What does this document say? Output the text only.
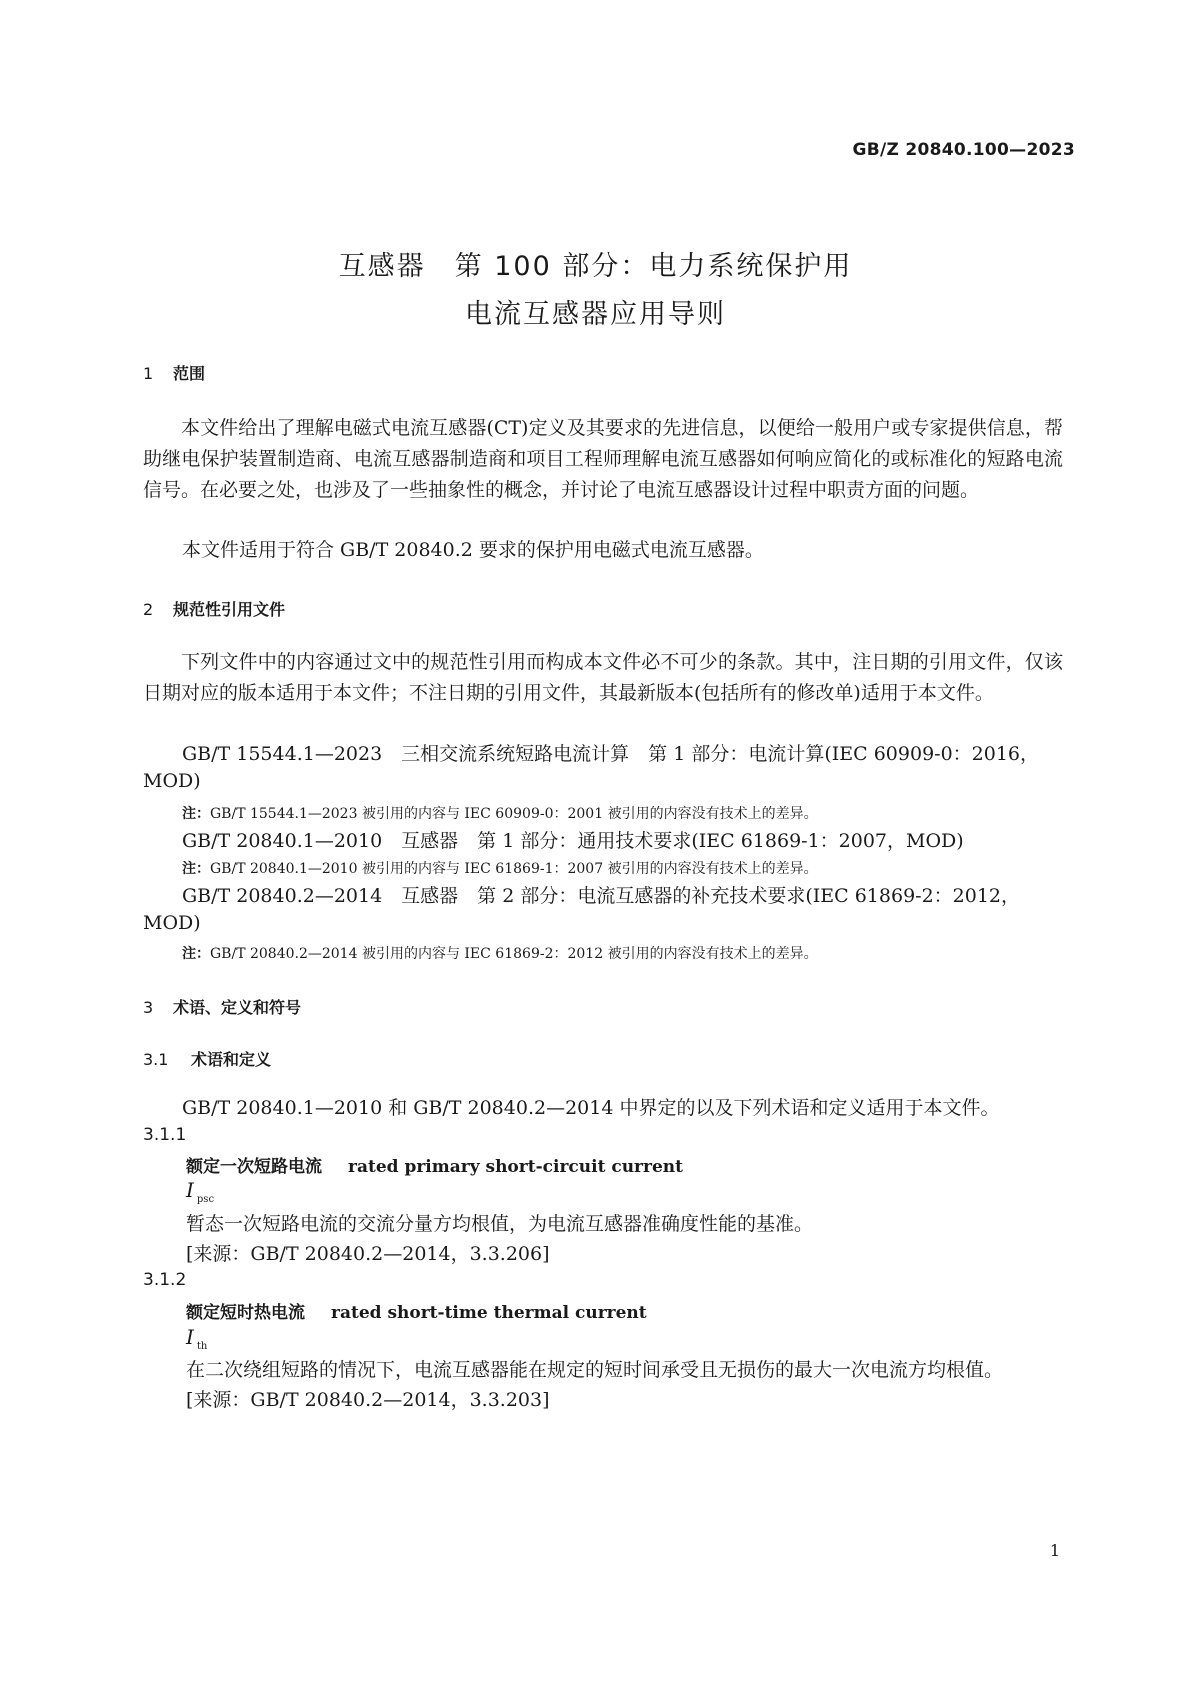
GB/Z 20840.100—2023
互感器　第 100 部分：电力系统保护用
电流互感器应用导则
1 范围
本文件给出了理解电磁式电流互感器(CT)定义及其要求的先进信息，以便给一般用户或专家提供信息，帮助继电保护装置制造商、电流互感器制造商和项目工程师理解电流互感器如何响应简化的或标准化的短路电流信号。在必要之处，也涉及了一些抽象性的概念，并讨论了电流互感器设计过程中职责方面的问题。
本文件适用于符合 GB/T 20840.2 要求的保护用电磁式电流互感器。
2 规范性引用文件
下列文件中的内容通过文中的规范性引用而构成本文件必不可少的条款。其中，注日期的引用文件，仅该日期对应的版本适用于本文件；不注日期的引用文件，其最新版本(包括所有的修改单)适用于本文件。
GB/T 15544.1—2023　三相交流系统短路电流计算　第 1 部分：电流计算(IEC 60909-0：2016，
MOD)
注：GB/T 15544.1—2023 被引用的内容与 IEC 60909-0：2001 被引用的内容没有技术上的差异。
GB/T 20840.1—2010　互感器　第 1 部分：通用技术要求(IEC 61869-1：2007，MOD)
注：GB/T 20840.1—2010 被引用的内容与 IEC 61869-1：2007 被引用的内容没有技术上的差异。
GB/T 20840.2—2014　互感器　第 2 部分：电流互感器的补充技术要求(IEC 61869-2：2012，
MOD)
注：GB/T 20840.2—2014 被引用的内容与 IEC 61869-2：2012 被引用的内容没有技术上的差异。
3 术语、定义和符号
3.1 术语和定义
GB/T 20840.1—2010 和 GB/T 20840.2—2014 中界定的以及下列术语和定义适用于本文件。
3.1.1
额定一次短路电流 rated primary short-circuit current
I $_{psc}$
暂态一次短路电流的交流分量方均根值，为电流互感器准确度性能的基准。
[来源：GB/T 20840.2—2014，3.3.206]
3.1.2
额定短时热电流 rated short-time thermal current
I $_{th}$
在二次绕组短路的情况下，电流互感器能在规定的短时间承受且无损伤的最大一次电流方均根值。
[来源：GB/T 20840.2—2014，3.3.203]
1
